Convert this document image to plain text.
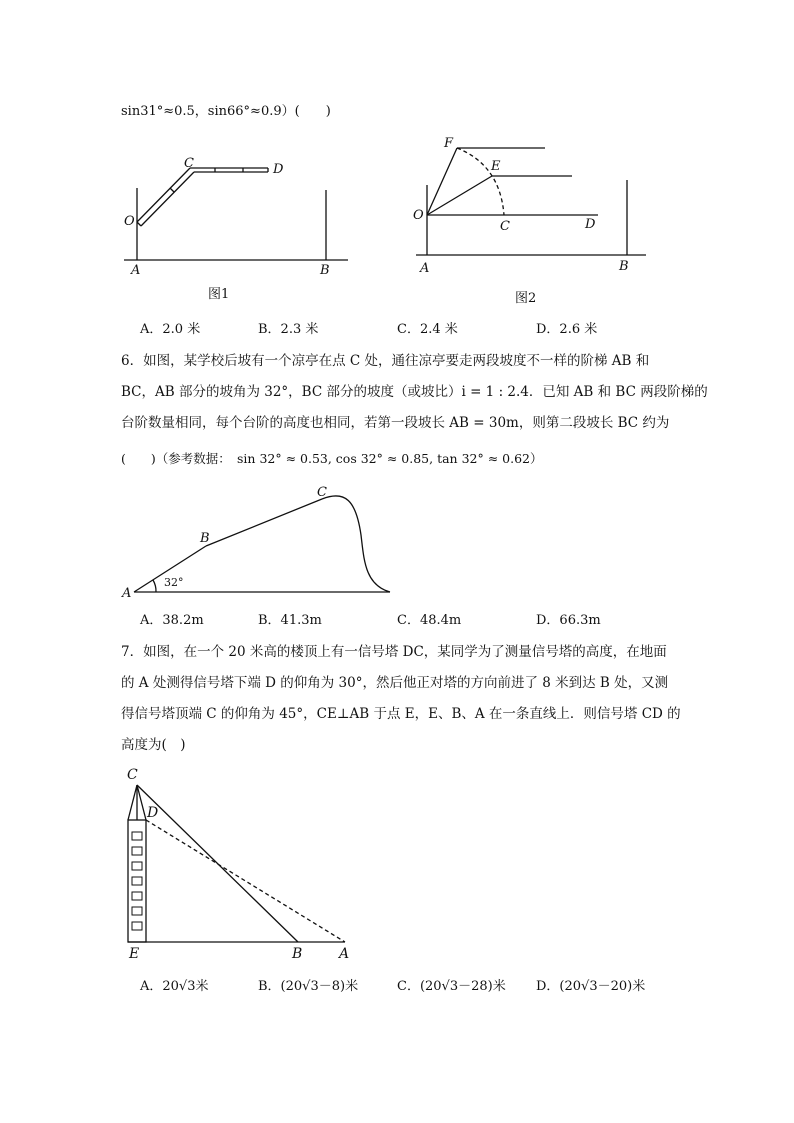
sin31°≈0.5，sin66°≈0.9）(　　)
O
C	D
A	B
图1
F
E
O
C	D
A	B
图2
A．2.0 米	B．2.3 米	C．2.4 米	D．2.6 米
6．如图，某学校后坡有一个凉亭在点 C 处，通往凉亭要走两段坡度不一样的阶梯 AB 和
BC，AB 部分的坡角为 32°，BC 部分的坡度（或坡比）i = 1 : 2.4．已知 AB 和 BC 两段阶梯的
台阶数量相同，每个台阶的高度也相同，若第一段坡长 AB = 30m，则第二段坡长 BC 约为
(　　)（参考数据：　sin 32° ≈ 0.53, cos 32° ≈ 0.85, tan 32° ≈ 0.62）
A
B
C
32°
A．38.2m	B．41.3m	C．48.4m	D．66.3m
7．如图，在一个 20 米高的楼顶上有一信号塔 DC，某同学为了测量信号塔的高度，在地面
的 A 处测得信号塔下端 D 的仰角为 30°，然后他正对塔的方向前进了 8 米到达 B 处，又测
得信号塔顶端 C 的仰角为 45°，CE⊥AB 于点 E，E、B、A 在一条直线上．则信号塔 CD 的
高度为(　)
C
D
E	B	A
A．20√3米	B．(20√3－8)米	C．(20√3－28)米 D．(20√3－20)米
